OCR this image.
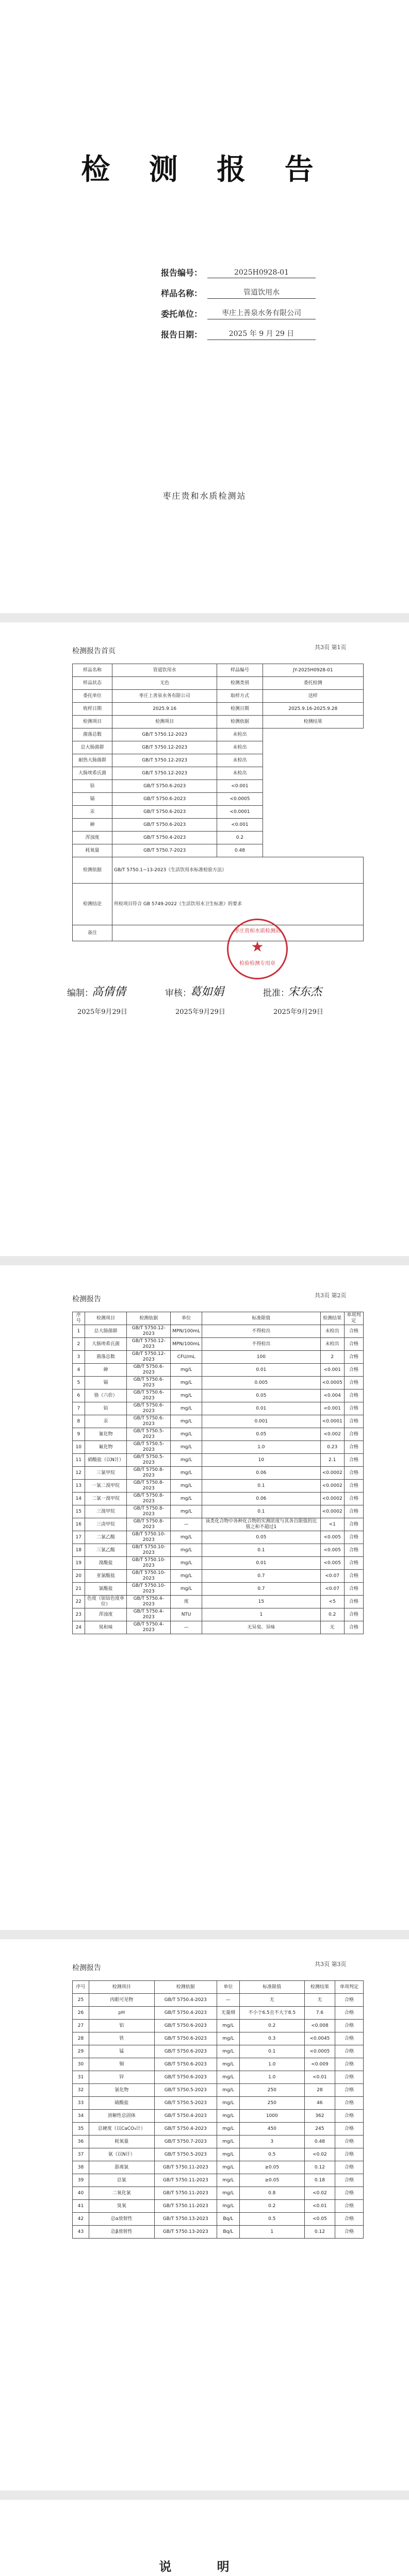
检 测 报 告
报告编号：	2025H0928-01
样品名称：	管道饮用水
委托单位：	枣庄上善泉水务有限公司
报告日期：	2025 年 9 月 29 日
枣庄贵和水质检测站
检测报告首页	共3页 第1页
样品名称	管道饮用水	样品编号	JY-2025H0928-01
样品状态	无色	检测类别	委托检测
委托单位	枣庄上善泉水务有限公司	取样方式	送样
收样日期	2025.9.16	检测日期	2025.9.16-2025.9.28
检测项目	检测项目	检测依据	检测结果
菌落总数	GB/T 5750.12-2023	未检出	
总大肠菌群	GB/T 5750.12-2023	未检出	
耐热大肠菌群	GB/T 5750.12-2023	未检出	
大肠埃希氏菌	GB/T 5750.12-2023	未检出	
铅	GB/T 5750.6-2023	<0.001	
镉	GB/T 5750.6-2023	<0.0005	
汞	GB/T 5750.6-2023	<0.0001	
砷	GB/T 5750.6-2023	<0.001	
浑浊度	GB/T 5750.4-2023	0.2	
耗氧量	GB/T 5750.7-2023	0.48	
检测依据	GB/T 5750.1~13-2023《生活饮用水标准检验方法》		
检测结论	所检项目符合 GB 5749-2022《生活饮用水卫生标准》的要求		
备注				枣庄贵和水质检测站
★
检验检测专用章
编制：
高倩倩
2025年9月29日
审核：
葛如娟
2025年9月29日
批准：
宋东杰
2025年9月29日
检测报告	共3页 第2页
序号	检测项目	检测依据	单位	标准限值	检测结果	单项判定
1	总大肠菌群	GB/T 5750.12-2023	MPN/100mL	不得检出	未检出	合格
2	大肠埃希氏菌	GB/T 5750.12-2023	MPN/100mL	不得检出	未检出	合格
3	菌落总数	GB/T 5750.12-2023	CFU/mL	100	2	合格
4	砷	GB/T 5750.6-2023	mg/L	0.01	<0.001	合格
5	镉	GB/T 5750.6-2023	mg/L	0.005	<0.0005	合格
6	铬（六价）	GB/T 5750.6-2023	mg/L	0.05	<0.004	合格
7	铅	GB/T 5750.6-2023	mg/L	0.01	<0.001	合格
8	汞	GB/T 5750.6-2023	mg/L	0.001	<0.0001	合格
9	氰化物	GB/T 5750.5-2023	mg/L	0.05	<0.002	合格
10	氟化物	GB/T 5750.5-2023	mg/L	1.0	0.23	合格
11	硝酸盐（以N计）	GB/T 5750.5-2023	mg/L	10	2.1	合格
12	三氯甲烷	GB/T 5750.8-2023	mg/L	0.06	<0.0002	合格
13	一氯二溴甲烷	GB/T 5750.8-2023	mg/L	0.1	<0.0002	合格
14	二氯一溴甲烷	GB/T 5750.8-2023	mg/L	0.06	<0.0002	合格
15	三溴甲烷	GB/T 5750.8-2023	mg/L	0.1	<0.0002	合格
16	三卤甲烷	GB/T 5750.8-2023	—	该类化合物中各种化合物的实测浓度与其各自限值的比值之和不超过1	<1	合格
17	二氯乙酸	GB/T 5750.10-2023	mg/L	0.05	<0.005	合格
18	三氯乙酸	GB/T 5750.10-2023	mg/L	0.1	<0.005	合格
19	溴酸盐	GB/T 5750.10-2023	mg/L	0.01	<0.005	合格
20	亚氯酸盐	GB/T 5750.10-2023	mg/L	0.7	<0.07	合格
21	氯酸盐	GB/T 5750.10-2023	mg/L	0.7	<0.07	合格
22	色度（铂钴色度单位）	GB/T 5750.4-2023	度	15	<5	合格
23	浑浊度	GB/T 5750.4-2023	NTU	1	0.2	合格
24	臭和味	GB/T 5750.4-2023	—	无异臭、异味	无	合格
检测报告	共3页 第3页
序号	检测项目	检测依据	单位	标准限值	检测结果	单项判定
25	肉眼可见物	GB/T 5750.4-2023	—	无	无	合格
26	pH	GB/T 5750.4-2023	无量纲	不小于6.5且不大于8.5	7.6	合格
27	铝	GB/T 5750.6-2023	mg/L	0.2	<0.008	合格
28	铁	GB/T 5750.6-2023	mg/L	0.3	<0.0045	合格
29	锰	GB/T 5750.6-2023	mg/L	0.1	<0.0005	合格
30	铜	GB/T 5750.6-2023	mg/L	1.0	<0.009	合格
31	锌	GB/T 5750.6-2023	mg/L	1.0	<0.01	合格
32	氯化物	GB/T 5750.5-2023	mg/L	250	28	合格
33	硫酸盐	GB/T 5750.5-2023	mg/L	250	46	合格
34	溶解性总固体	GB/T 5750.4-2023	mg/L	1000	362	合格
35	总硬度（以CaCO₃计）	GB/T 5750.4-2023	mg/L	450	245	合格
36	耗氧量	GB/T 5750.7-2023	mg/L	3	0.48	合格
37	氨（以N计）	GB/T 5750.5-2023	mg/L	0.5	<0.02	合格
38	游离氯	GB/T 5750.11-2023	mg/L	≥0.05	0.12	合格
39	总氯	GB/T 5750.11-2023	mg/L	≥0.05	0.18	合格
40	二氧化氯	GB/T 5750.11-2023	mg/L	0.8	<0.02	合格
41	臭氧	GB/T 5750.11-2023	mg/L	0.2	<0.01	合格
42	总α放射性	GB/T 5750.13-2023	Bq/L	0.5	<0.05	合格
43	总β放射性	GB/T 5750.13-2023	Bq/L	1	0.12	合格
说 明
